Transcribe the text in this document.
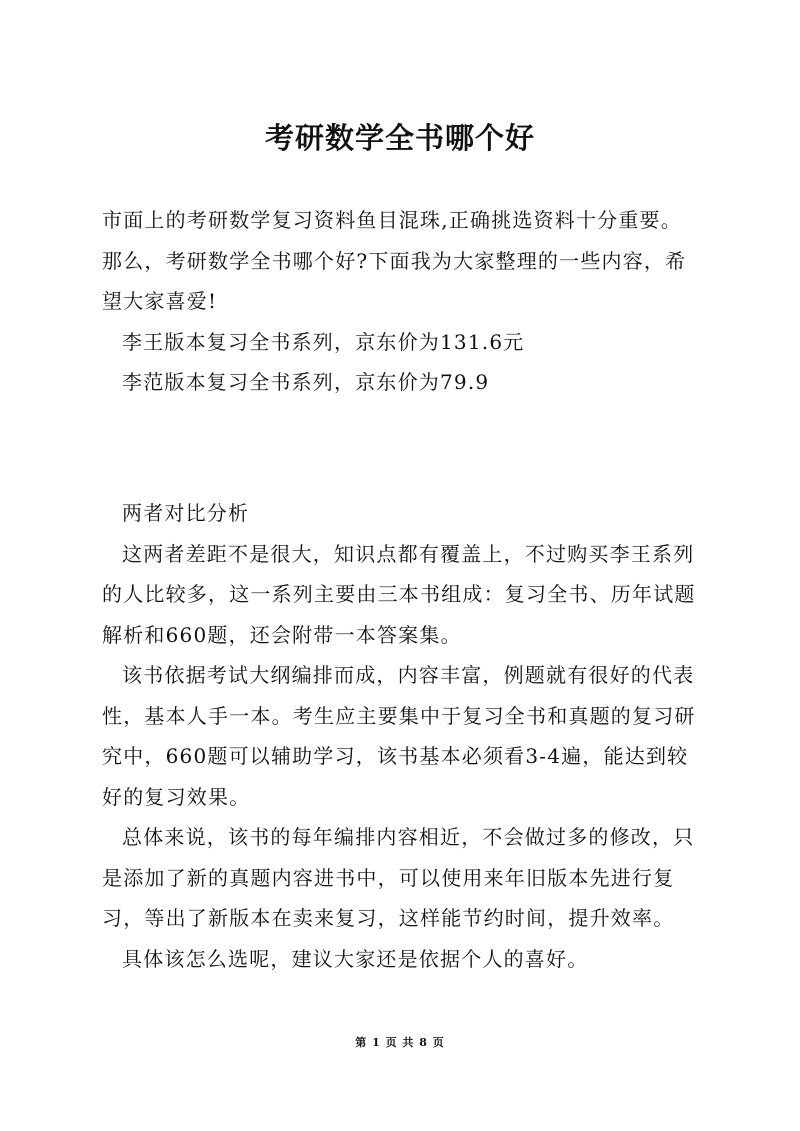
考研数学全书哪个好

市面上的考研数学复习资料鱼目混珠,正确挑选资料十分重要。那么，考研数学全书哪个好?下面我为大家整理的一些内容，希望大家喜爱!

李王版本复习全书系列，京东价为131.6元

李范版本复习全书系列，京东价为79.9

两者对比分析

这两者差距不是很大，知识点都有覆盖上，不过购买李王系列的人比较多，这一系列主要由三本书组成：复习全书、历年试题解析和660题，还会附带一本答案集。

该书依据考试大纲编排而成，内容丰富，例题就有很好的代表性，基本人手一本。考生应主要集中于复习全书和真题的复习研究中，660题可以辅助学习，该书基本必须看3-4遍，能达到较好的复习效果。

总体来说，该书的每年编排内容相近，不会做过多的修改，只是添加了新的真题内容进书中，可以使用来年旧版本先进行复习，等出了新版本在卖来复习，这样能节约时间，提升效率。

具体该怎么选呢，建议大家还是依据个人的喜好。

第 1 页 共 8 页
